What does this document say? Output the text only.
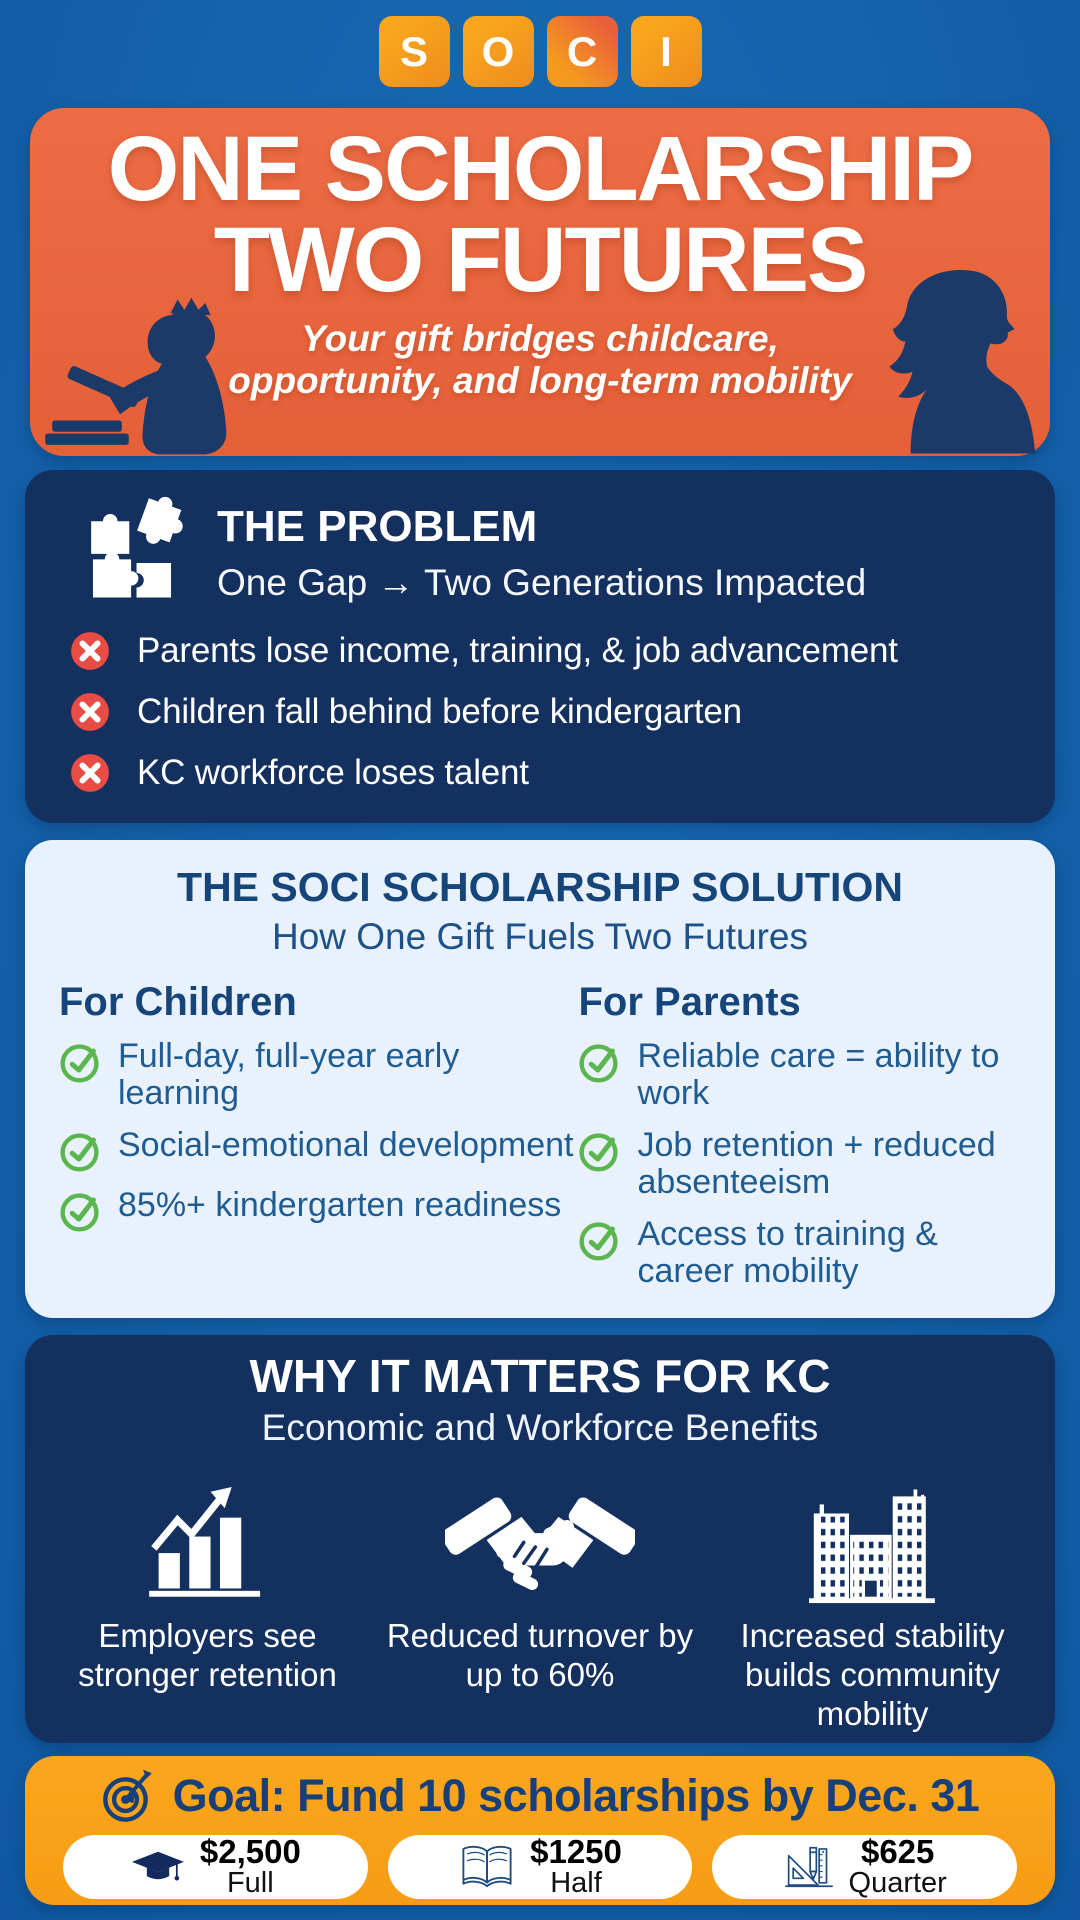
S	O	C	I
ONE SCHOLARSHIP
TWO FUTURES
Your gift bridges childcare, opportunity, and long-term mobility
THE PROBLEM
One Gap → Two Generations Impacted
Parents lose income, training, & job advancement
Children fall behind before kindergarten
KC workforce loses talent
THE SOCI SCHOLARSHIP SOLUTION
How One Gift Fuels Two Futures
For Children
Full-day, full-year early learning
Social-emotional development
85%+ kindergarten readiness
For Parents
Reliable care = ability to work
Job retention + reduced absenteeism
Access to training & career mobility
WHY IT MATTERS FOR KC
Economic and Workforce Benefits
Employers see stronger retention
Reduced turnover by up to 60%
Increased stability builds community mobility
Goal: Fund 10 scholarships by Dec. 31
$2,500
Full
$1250
Half
$625
Quarter
